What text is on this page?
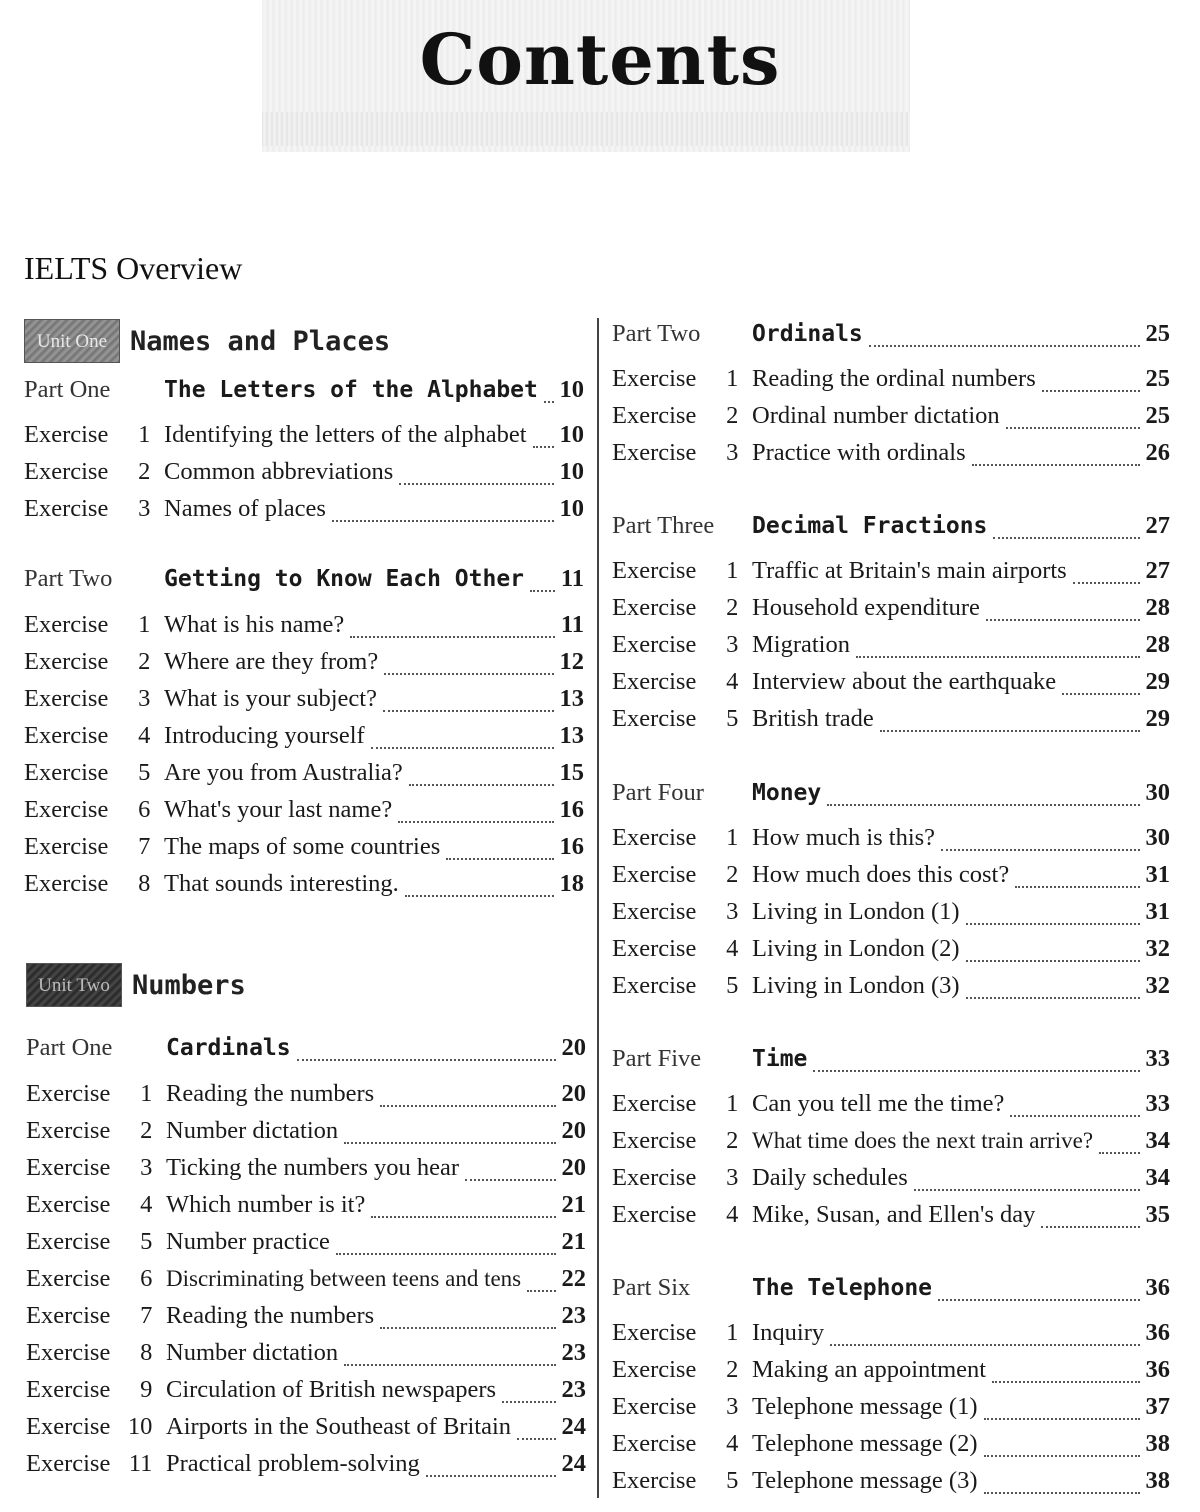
Contents
IELTS Overview
Unit One Names and Places
Part One	The Letters of the Alphabet 10
Exercise 1 Identifying the letters of the alphabet 10
Exercise 2 Common abbreviations	10
Exercise 3 Names of places	10
Part Two	Getting to Know Each Other 11
Exercise 1 What is his name?	11
Exercise 2 Where are they from?	12
Exercise 3 What is your subject?	13
Exercise 4 Introducing yourself	13
Exercise 5 Are you from Australia?	15
Exercise 6 What's your last name?	16
Exercise 7 The maps of some countries	16
Exercise 8 That sounds interesting.	18
Unit Two Numbers
Part One	Cardinals	20
Exercise 1 Reading the numbers	20
Exercise 2 Number dictation	20
Exercise 3 Ticking the numbers you hear	20
Exercise 4 Which number is it?	21
Exercise 5 Number practice	21
Exercise 6 Discriminating between teens and tens 22
Exercise 7 Reading the numbers	23
Exercise 8 Number dictation	23
Exercise 9 Circulation of British newspapers	23
Exercise 10 Airports in the Southeast of Britain 24
Exercise 11 Practical problem-solving	24
Part Two	Ordinals	25
Exercise 1 Reading the ordinal numbers	25
Exercise 2 Ordinal number dictation	25
Exercise 3 Practice with ordinals	26
Part Three	Decimal Fractions	27
Exercise 1 Traffic at Britain's main airports	27
Exercise 2 Household expenditure	28
Exercise 3 Migration	28
Exercise 4 Interview about the earthquake	29
Exercise 5 British trade	29
Part Four	Money	30
Exercise 1 How much is this?	30
Exercise 2 How much does this cost?	31
Exercise 3 Living in London (1)	31
Exercise 4 Living in London (2)	32
Exercise 5 Living in London (3)	32
Part Five	Time	33
Exercise 1 Can you tell me the time?	33
Exercise 2 What time does the next train arrive? 34
Exercise 3 Daily schedules	34
Exercise 4 Mike, Susan, and Ellen's day	35
Part Six	The Telephone	36
Exercise 1 Inquiry	36
Exercise 2 Making an appointment	36
Exercise 3 Telephone message (1)	37
Exercise 4 Telephone message (2)	38
Exercise 5 Telephone message (3)	38
